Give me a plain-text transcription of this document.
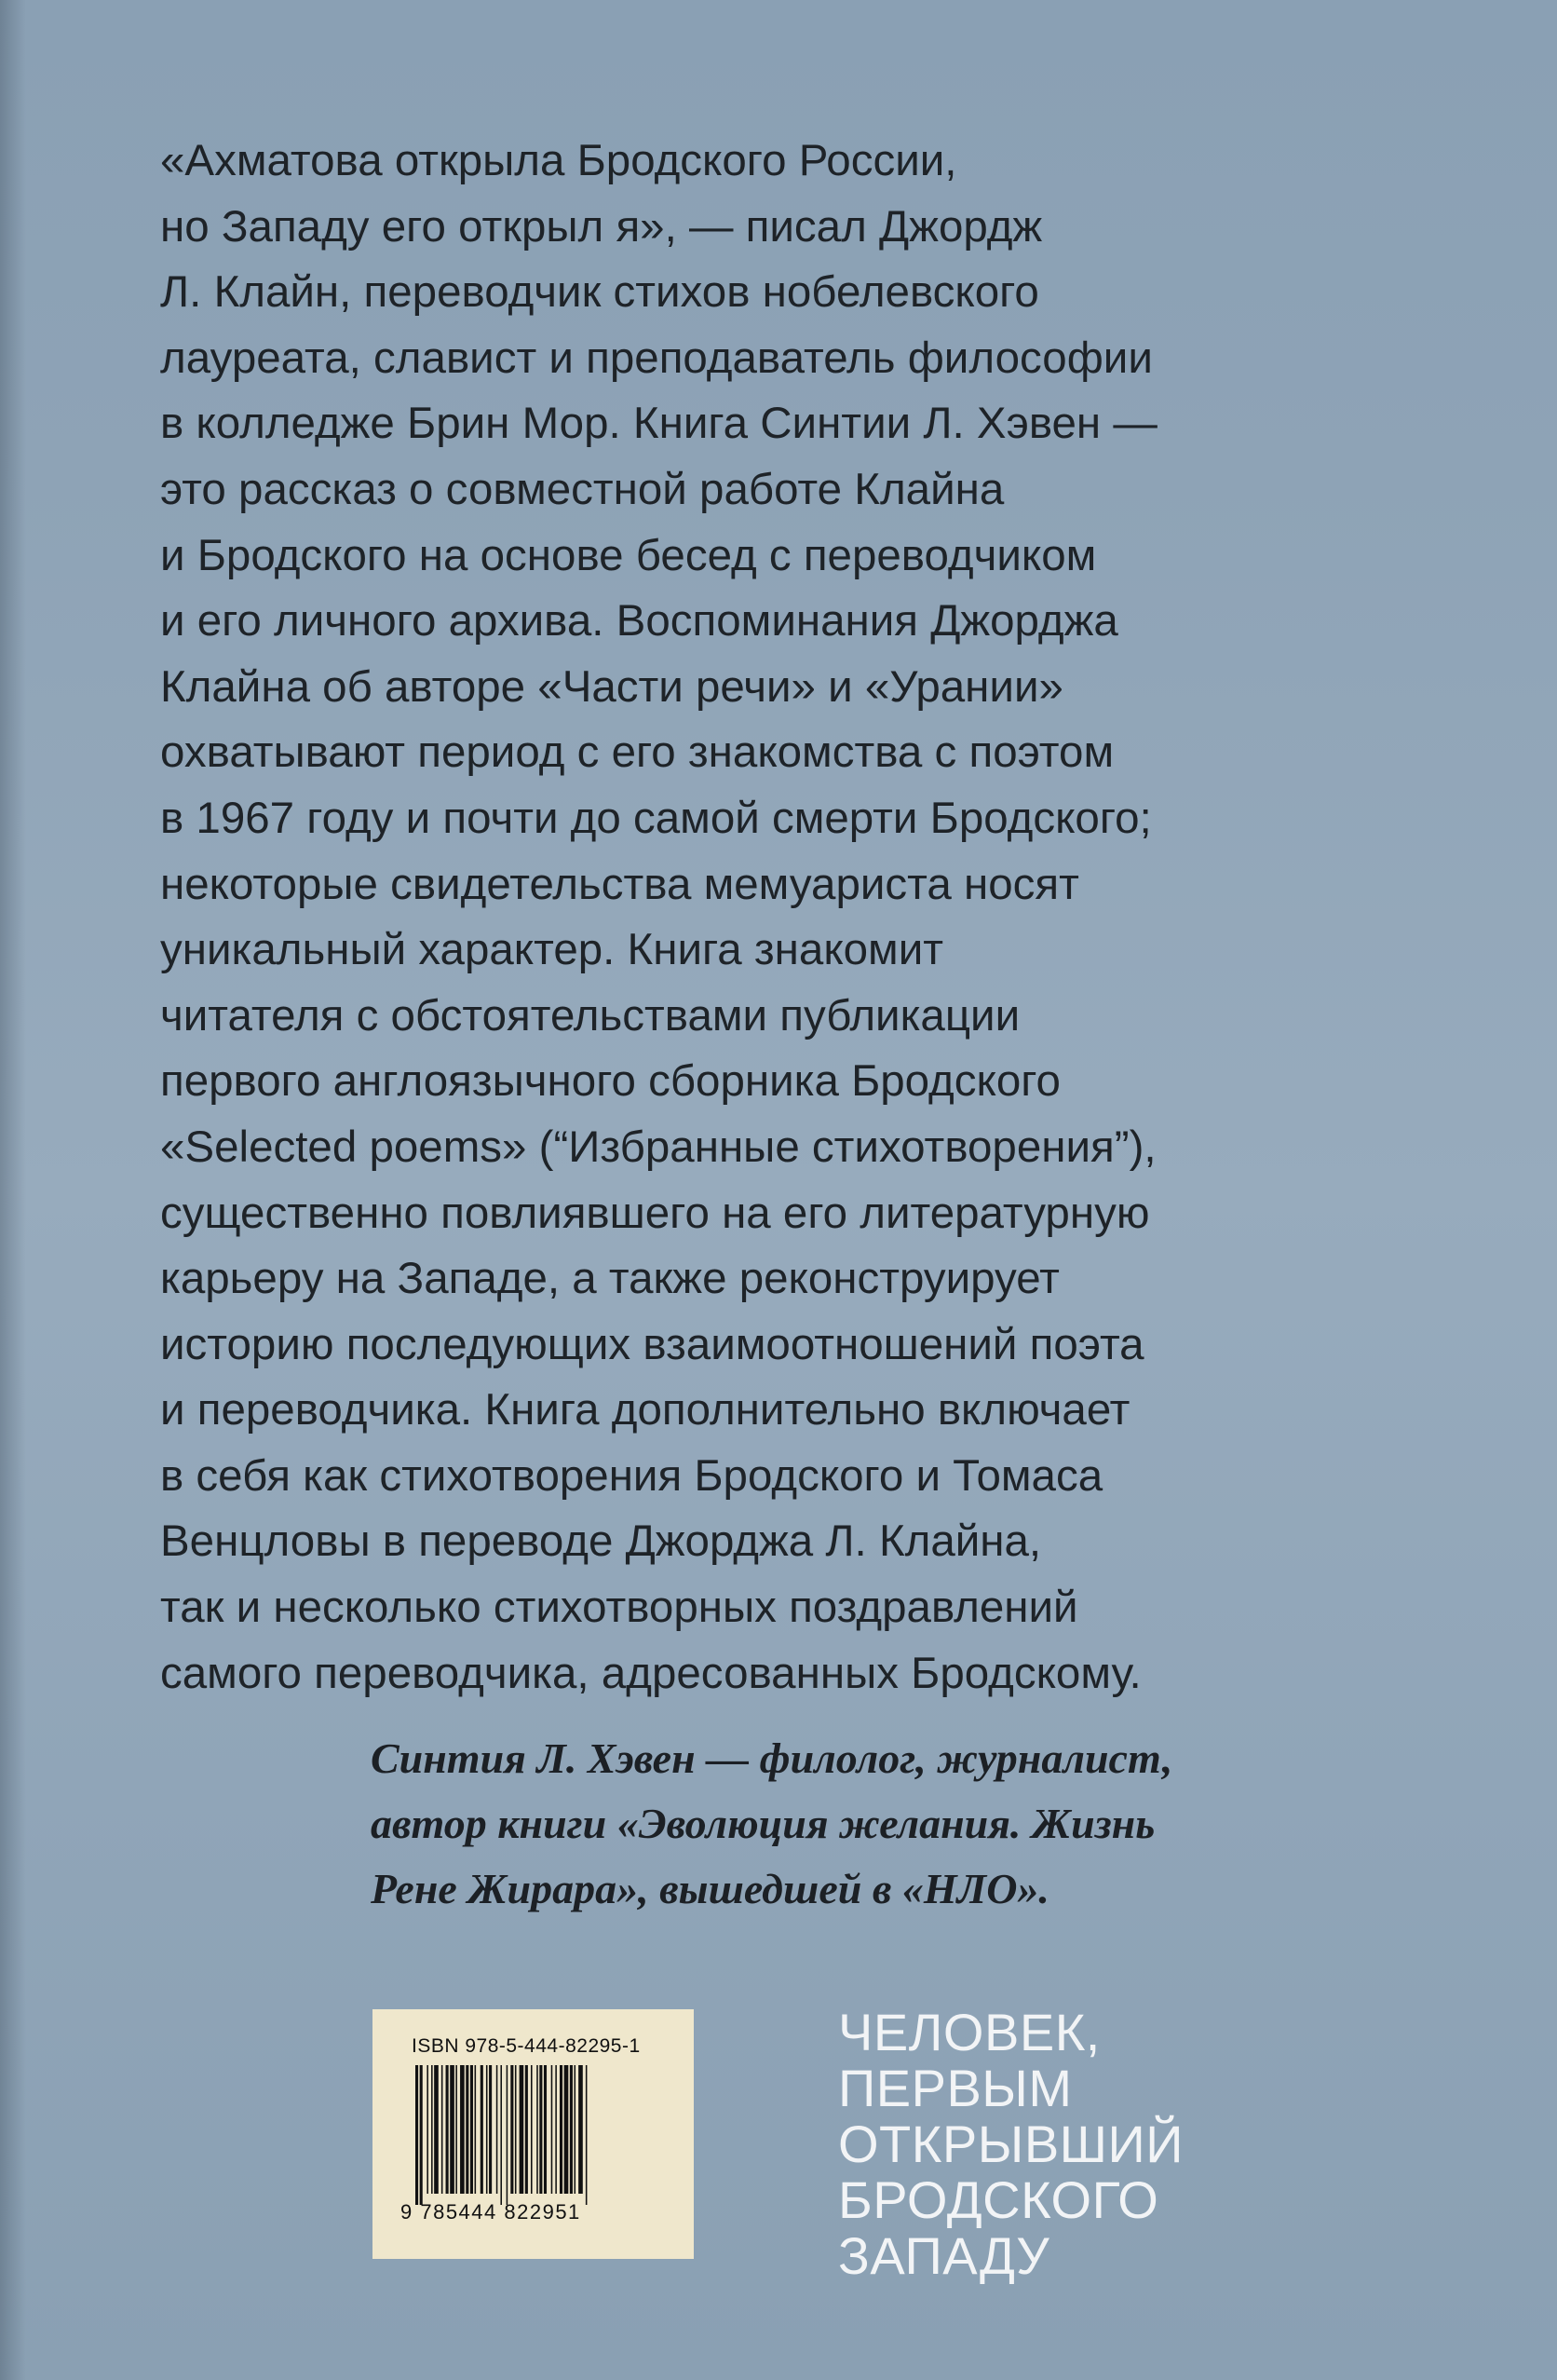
«Ахматова открыла Бродского России,
но Западу его открыл я», — писал Джордж
Л. Клайн, переводчик стихов нобелевского
лауреата, славист и преподаватель философии
в колледже Брин Мор. Книга Синтии Л. Хэвен —
это рассказ о совместной работе Клайна
и Бродского на основе бесед с переводчиком
и его личного архива. Воспоминания Джорджа
Клайна об авторе «Части речи» и «Урании»
охватывают период с его знакомства с поэтом
в 1967 году и почти до самой смерти Бродского;
некоторые свидетельства мемуариста носят
уникальный характер. Книга знакомит
читателя с обстоятельствами публикации
первого англоязычного сборника Бродского
«Selected poems» (“Избранные стихотворения”),
существенно повлиявшего на его литературную
карьеру на Западе, а также реконструирует
историю последующих взаимоотношений поэта
и переводчика. Книга дополнительно включает
в себя как стихотворения Бродского и Томаса
Венцловы в переводе Джорджа Л. Клайна,
так и несколько стихотворных поздравлений
самого переводчика, адресованных Бродскому.
Синтия Л. Хэвен — филолог, журналист,
автор книги «Эволюция желания. Жизнь
Рене Жирара», вышедшей в «НЛО».
ISBN 978-5-444-82295-1
9 785444 822951
ЧЕЛОВЕК,
ПЕРВЫМ
ОТКРЫВШИЙ
БРОДСКОГО
ЗАПАДУ
